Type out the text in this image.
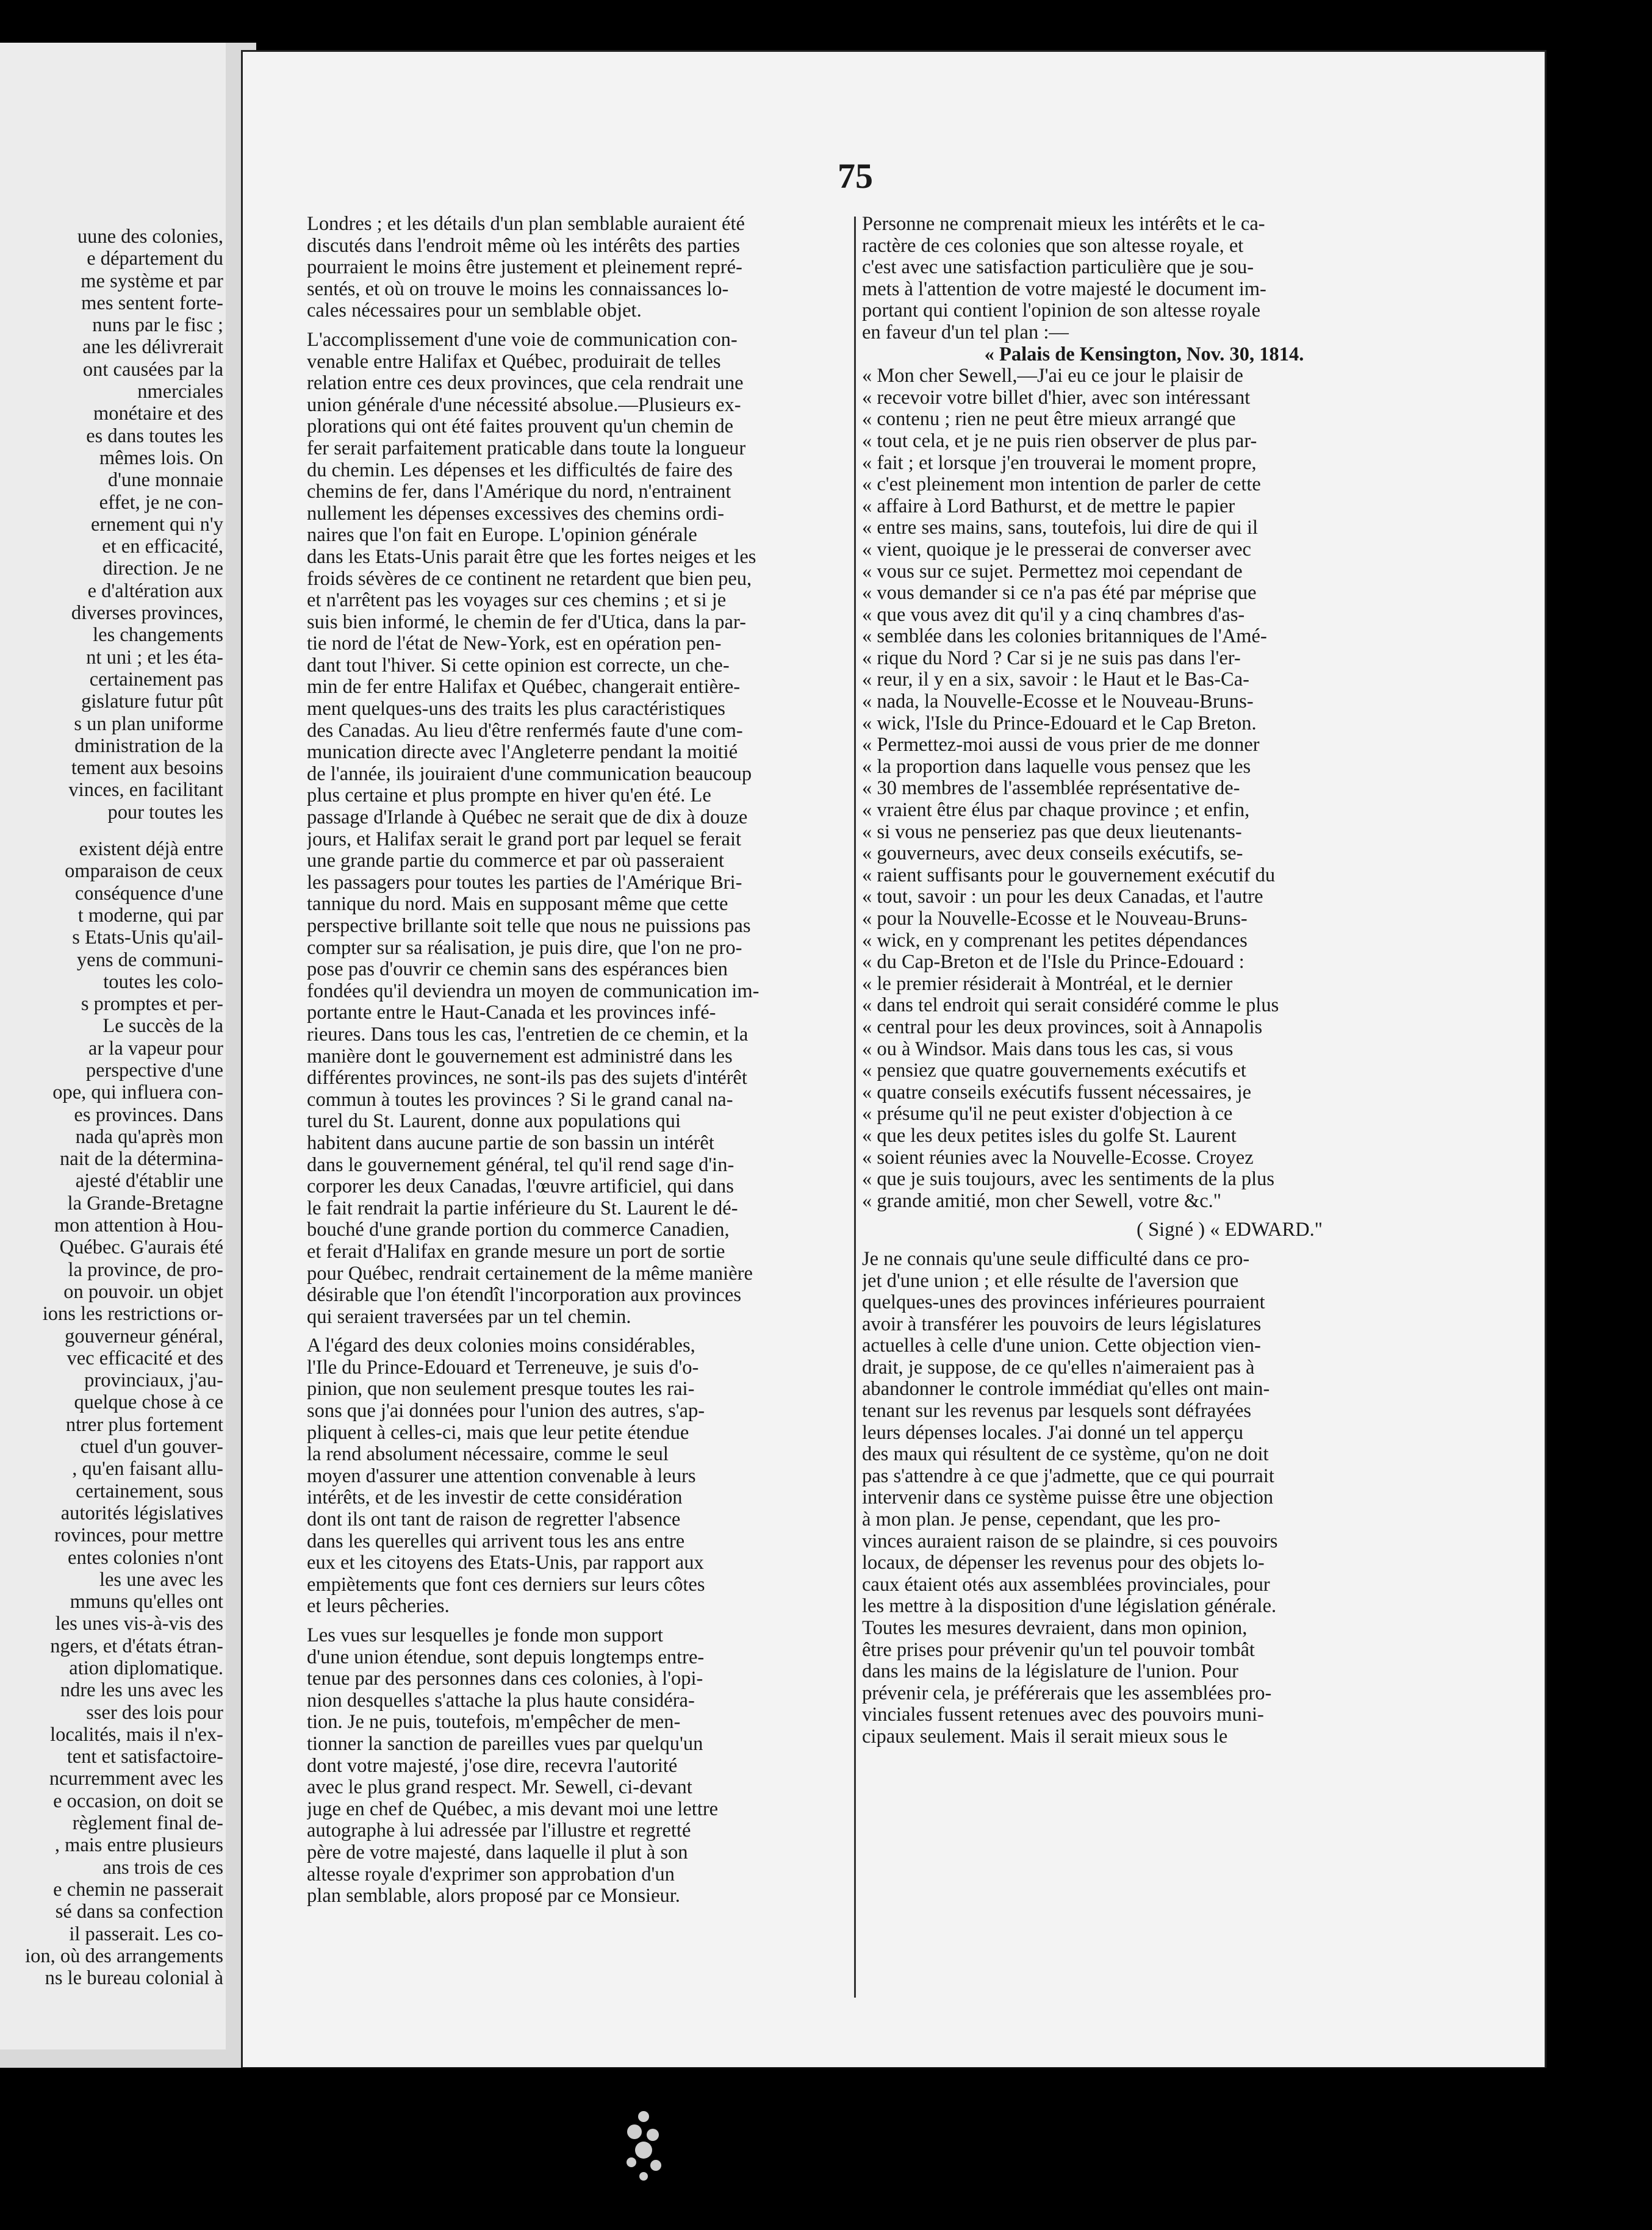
uune des colonies,
e département du
me système et par
mes sentent forte-
nuns par le fisc ;
ane les délivrerait
ont causées par la
nmerciales
monétaire et des
es dans toutes les
mêmes lois. On
d'une monnaie
effet, je ne con-
ernement qui n'y
et en efficacité,
direction. Je ne
e d'altération aux
diverses provinces,
les changements
nt uni ; et les éta-
certainement pas
gislature futur pût
s un plan uniforme
dministration de la
tement aux besoins
vinces, en facilitant
pour toutes les
existent déjà entre
omparaison de ceux
conséquence d'une
t moderne, qui par
s Etats-Unis qu'ail-
yens de communi-
toutes les colo-
s promptes et per-
Le succès de la
ar la vapeur pour
perspective d'une
ope, qui influera con-
es provinces. Dans
nada qu'après mon
nait de la détermina-
ajesté d'établir une
la Grande-Bretagne
mon attention à Hou-
Québec. G'aurais été
la province, de pro-
on pouvoir. un objet
ions les restrictions or-
gouverneur général,
vec efficacité et des
provinciaux, j'au-
quelque chose à ce
ntrer plus fortement
ctuel d'un gouver-
, qu'en faisant allu-
certainement, sous
autorités législatives
rovinces, pour mettre
entes colonies n'ont
les une avec les
mmuns qu'elles ont
les unes vis-à-vis des
ngers, et d'états étran-
ation diplomatique.
ndre les uns avec les
sser des lois pour
localités, mais il n'ex-
tent et satisfactoire-
ncurremment avec les
e occasion, on doit se
règlement final de-
, mais entre plusieurs
ans trois de ces
e chemin ne passerait
sé dans sa confection
il passerait. Les co-
ion, où des arrangements
ns le bureau colonial à
75
Londres ; et les détails d'un plan semblable auraient été
discutés dans l'endroit même où les intérêts des parties
pourraient le moins être justement et pleinement repré-
sentés, et où on trouve le moins les connaissances lo-
cales nécessaires pour un semblable objet.
L'accomplissement d'une voie de communication con-
venable entre Halifax et Québec, produirait de telles
relation entre ces deux provinces, que cela rendrait une
union générale d'une nécessité absolue.—Plusieurs ex-
plorations qui ont été faites prouvent qu'un chemin de
fer serait parfaitement praticable dans toute la longueur
du chemin. Les dépenses et les difficultés de faire des
chemins de fer, dans l'Amérique du nord, n'entrainent
nullement les dépenses excessives des chemins ordi-
naires que l'on fait en Europe. L'opinion générale
dans les Etats-Unis parait être que les fortes neiges et les
froids sévères de ce continent ne retardent que bien peu,
et n'arrêtent pas les voyages sur ces chemins ; et si je
suis bien informé, le chemin de fer d'Utica, dans la par-
tie nord de l'état de New-York, est en opération pen-
dant tout l'hiver. Si cette opinion est correcte, un che-
min de fer entre Halifax et Québec, changerait entière-
ment quelques-uns des traits les plus caractéristiques
des Canadas. Au lieu d'être renfermés faute d'une com-
munication directe avec l'Angleterre pendant la moitié
de l'année, ils jouiraient d'une communication beaucoup
plus certaine et plus prompte en hiver qu'en été. Le
passage d'Irlande à Québec ne serait que de dix à douze
jours, et Halifax serait le grand port par lequel se ferait
une grande partie du commerce et par où passeraient
les passagers pour toutes les parties de l'Amérique Bri-
tannique du nord. Mais en supposant même que cette
perspective brillante soit telle que nous ne puissions pas
compter sur sa réalisation, je puis dire, que l'on ne pro-
pose pas d'ouvrir ce chemin sans des espérances bien
fondées qu'il deviendra un moyen de communication im-
portante entre le Haut-Canada et les provinces infé-
rieures. Dans tous les cas, l'entretien de ce chemin, et la
manière dont le gouvernement est administré dans les
différentes provinces, ne sont-ils pas des sujets d'intérêt
commun à toutes les provinces ? Si le grand canal na-
turel du St. Laurent, donne aux populations qui
habitent dans aucune partie de son bassin un intérêt
dans le gouvernement général, tel qu'il rend sage d'in-
corporer les deux Canadas, l'œuvre artificiel, qui dans
le fait rendrait la partie inférieure du St. Laurent le dé-
bouché d'une grande portion du commerce Canadien,
et ferait d'Halifax en grande mesure un port de sortie
pour Québec, rendrait certainement de la même manière
désirable que l'on étendît l'incorporation aux provinces
qui seraient traversées par un tel chemin.
A l'égard des deux colonies moins considérables,
l'Ile du Prince-Edouard et Terreneuve, je suis d'o-
pinion, que non seulement presque toutes les rai-
sons que j'ai données pour l'union des autres, s'ap-
pliquent à celles-ci, mais que leur petite étendue
la rend absolument nécessaire, comme le seul
moyen d'assurer une attention convenable à leurs
intérêts, et de les investir de cette considération
dont ils ont tant de raison de regretter l'absence
dans les querelles qui arrivent tous les ans entre
eux et les citoyens des Etats-Unis, par rapport aux
empiètements que font ces derniers sur leurs côtes
et leurs pêcheries.
Les vues sur lesquelles je fonde mon support
d'une union étendue, sont depuis longtemps entre-
tenue par des personnes dans ces colonies, à l'opi-
nion desquelles s'attache la plus haute considéra-
tion. Je ne puis, toutefois, m'empêcher de men-
tionner la sanction de pareilles vues par quelqu'un
dont votre majesté, j'ose dire, recevra l'autorité
avec le plus grand respect. Mr. Sewell, ci-devant
juge en chef de Québec, a mis devant moi une lettre
autographe à lui adressée par l'illustre et regretté
père de votre majesté, dans laquelle il plut à son
altesse royale d'exprimer son approbation d'un
plan semblable, alors proposé par ce Monsieur.
Personne ne comprenait mieux les intérêts et le ca-
ractère de ces colonies que son altesse royale, et
c'est avec une satisfaction particulière que je sou-
mets à l'attention de votre majesté le document im-
portant qui contient l'opinion de son altesse royale
en faveur d'un tel plan :—
« Palais de Kensington, Nov. 30, 1814.
« Mon cher Sewell,—J'ai eu ce jour le plaisir de
« recevoir votre billet d'hier, avec son intéressant
« contenu ; rien ne peut être mieux arrangé que
« tout cela, et je ne puis rien observer de plus par-
« fait ; et lorsque j'en trouverai le moment propre,
« c'est pleinement mon intention de parler de cette
« affaire à Lord Bathurst, et de mettre le papier
« entre ses mains, sans, toutefois, lui dire de qui il
« vient, quoique je le presserai de converser avec
« vous sur ce sujet. Permettez moi cependant de
« vous demander si ce n'a pas été par méprise que
« que vous avez dit qu'il y a cinq chambres d'as-
« semblée dans les colonies britanniques de l'Amé-
« rique du Nord ? Car si je ne suis pas dans l'er-
« reur, il y en a six, savoir : le Haut et le Bas-Ca-
« nada, la Nouvelle-Ecosse et le Nouveau-Bruns-
« wick, l'Isle du Prince-Edouard et le Cap Breton.
« Permettez-moi aussi de vous prier de me donner
« la proportion dans laquelle vous pensez que les
« 30 membres de l'assemblée représentative de-
« vraient être élus par chaque province ; et enfin,
« si vous ne penseriez pas que deux lieutenants-
« gouverneurs, avec deux conseils exécutifs, se-
« raient suffisants pour le gouvernement exécutif du
« tout, savoir : un pour les deux Canadas, et l'autre
« pour la Nouvelle-Ecosse et le Nouveau-Bruns-
« wick, en y comprenant les petites dépendances
« du Cap-Breton et de l'Isle du Prince-Edouard :
« le premier résiderait à Montréal, et le dernier
« dans tel endroit qui serait considéré comme le plus
« central pour les deux provinces, soit à Annapolis
« ou à Windsor. Mais dans tous les cas, si vous
« pensiez que quatre gouvernements exécutifs et
« quatre conseils exécutifs fussent nécessaires, je
« présume qu'il ne peut exister d'objection à ce
« que les deux petites isles du golfe St. Laurent
« soient réunies avec la Nouvelle-Ecosse. Croyez
« que je suis toujours, avec les sentiments de la plus
« grande amitié, mon cher Sewell, votre &c."
( Signé ) « EDWARD."
Je ne connais qu'une seule difficulté dans ce pro-
jet d'une union ; et elle résulte de l'aversion que
quelques-unes des provinces inférieures pourraient
avoir à transférer les pouvoirs de leurs législatures
actuelles à celle d'une union. Cette objection vien-
drait, je suppose, de ce qu'elles n'aimeraient pas à
abandonner le controle immédiat qu'elles ont main-
tenant sur les revenus par lesquels sont défrayées
leurs dépenses locales. J'ai donné un tel apperçu
des maux qui résultent de ce système, qu'on ne doit
pas s'attendre à ce que j'admette, que ce qui pourrait
intervenir dans ce système puisse être une objection
à mon plan. Je pense, cependant, que les pro-
vinces auraient raison de se plaindre, si ces pouvoirs
locaux, de dépenser les revenus pour des objets lo-
caux étaient otés aux assemblées provinciales, pour
les mettre à la disposition d'une législation générale.
Toutes les mesures devraient, dans mon opinion,
être prises pour prévenir qu'un tel pouvoir tombât
dans les mains de la législature de l'union. Pour
prévenir cela, je préférerais que les assemblées pro-
vinciales fussent retenues avec des pouvoirs muni-
cipaux seulement. Mais il serait mieux sous le
